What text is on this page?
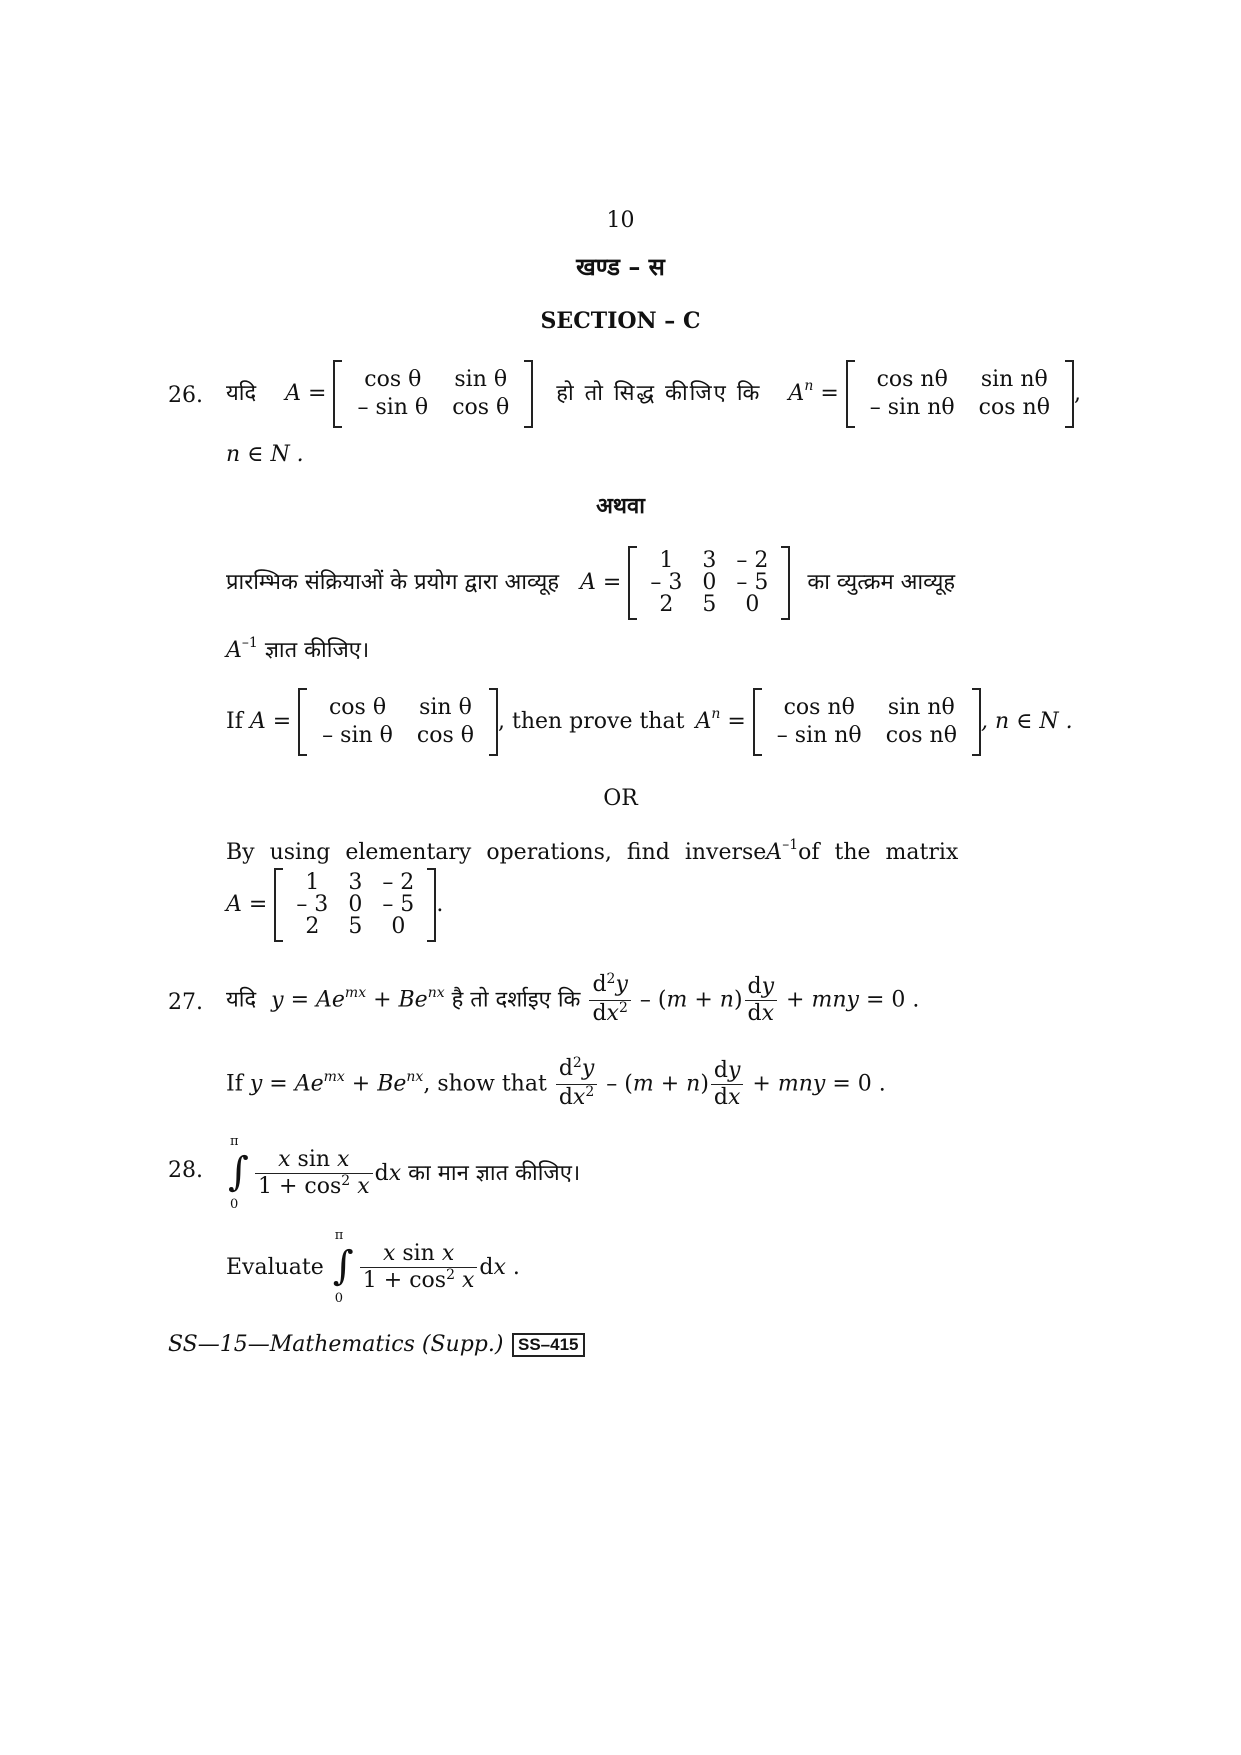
10
खण्ड – स
SECTION – C
26. यदि A =
cos θ	sin θ
– sin θ	cos θ
हो तो सिद्ध कीजिए कि $A^n$ =
cos nθ	sin nθ
– sin nθ	cos nθ
,
n ∈ N .
अथवा
प्रारम्भिक संक्रियाओं के प्रयोग द्वारा आव्यूह A =
1	3	– 2
– 3	0	– 5
2	5	0
का व्युत्क्रम आव्यूह
$A^{-1}$ ज्ञात कीजिए।
If A =
cos θ	sin θ
– sin θ	cos θ
, then prove that $A^n$ =
cos nθ	sin nθ
– sin nθ	cos nθ
, n ∈ N .
OR
By using elementary operations, find inverse $A^{-1}$ of the matrix
A =
1	3	– 2
– 3	0	– 5
2	5	0
.
27. यदि $y = Ae^{mx} + Be^{nx}$ है तो दर्शाइए कि $\frac{d^2y}{dx^2} - (m + n) \frac{dy}{dx}$ + mny = 0 .
If $y = Ae^{mx} + Be^{nx}$, show that $\frac{d^2y}{dx^2} - (m + n) \frac{dy}{dx}$ + mny = 0 .
28.
π
∫
0

$\frac{\text{x sin x}}{1 + \cos^2 x}$ dx का मान ज्ञात कीजिए।
Evaluate
π
∫
0

$\frac{\text{x sin x}}{1 + \cos^2 x}$ dx .
SS—15—Mathematics (Supp.) SS–415
